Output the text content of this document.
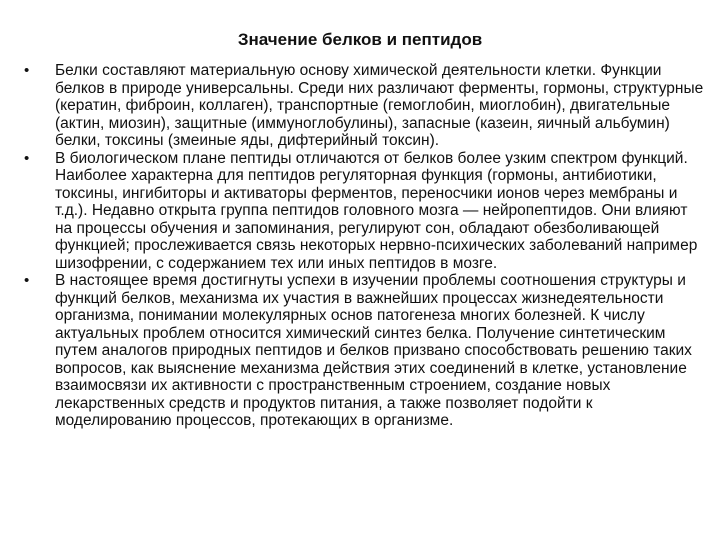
Значение белков и пептидов
•	Белки составляют материальную основу химической деятельности клетки. Функции белков в природе универсальны. Среди них различают ферменты, гормоны, структурные (кератин, фиброин, коллаген), транспортные (гемоглобин, миоглобин), двигательные (актин, миозин), защитные (иммуноглобулины), запасные (казеин, яичный альбумин) белки, токсины (змеиные яды, дифтерийный токсин).
•	В биологическом плане пептиды отличаются от белков более узким спектром функций. Наиболее характерна для пептидов регуляторная функция (гормоны, антибиотики, токсины, ингибиторы и активаторы ферментов, переносчики ионов через мембраны и т.д.). Недавно открыта группа пептидов головного мозга — нейропептидов. Они влияют на процессы обучения и запоминания, регулируют сон, обладают обезболивающей функцией; прослеживается связь некоторых нервно-психических заболеваний например шизофрении, с содержанием тех или иных пептидов в мозге.
•	В настоящее время достигнуты успехи в изучении проблемы соотношения структуры и функций белков, механизма их участия в важнейших процессах жизнедеятельности организма, понимании молекулярных основ патогенеза многих болезней. К числу актуальных проблем относится химический синтез белка. Получение синтетическим путем аналогов природных пептидов и белков призвано способствовать решению таких вопросов, как выяснение механизма действия этих соединений в клетке, установление взаимосвязи их активности с пространственным строением, создание новых лекарственных средств и продуктов питания, а также позволяет подойти к моделированию процессов, протекающих в организме.
